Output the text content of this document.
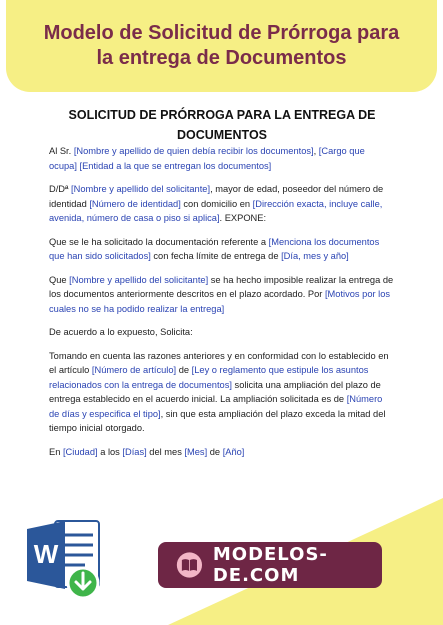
Modelo de Solicitud de Prórroga para
la entrega de Documentos
SOLICITUD DE PRÓRROGA PARA LA ENTREGA DE DOCUMENTOS

Al Sr. [Nombre y apellido de quien debía recibir los documentos], [Cargo que ocupa] [Entidad a la que se entregan los documentos]

D/Dª [Nombre y apellido del solicitante], mayor de edad, poseedor del número de identidad [Número de identidad] con domicilio en [Dirección exacta, incluye calle, avenida, número de casa o piso si aplica]. EXPONE:

Que se le ha solicitado la documentación referente a [Menciona los documentos que han sido solicitados] con fecha límite de entrega de [Día, mes y año]

Que [Nombre y apellido del solicitante] se ha hecho imposible realizar la entrega de los documentos anteriormente descritos en el plazo acordado. Por [Motivos por los cuales no se ha podido realizar la entrega]

De acuerdo a lo expuesto, Solicita:

Tomando en cuenta las razones anteriores y en conformidad con lo establecido en el artículo [Número de artículo] de [Ley o reglamento que estipule los asuntos relacionados con la entrega de documentos] solicita una ampliación del plazo de entrega establecido en el acuerdo inicial. La ampliación solicitada es de [Número de días y especifica el tipo], sin que esta ampliación del plazo exceda la mitad del tiempo inicial otorgado.

En [Ciudad] a los [Días] del mes [Mes] de [Año]

W	MODELOS-DE.COM
